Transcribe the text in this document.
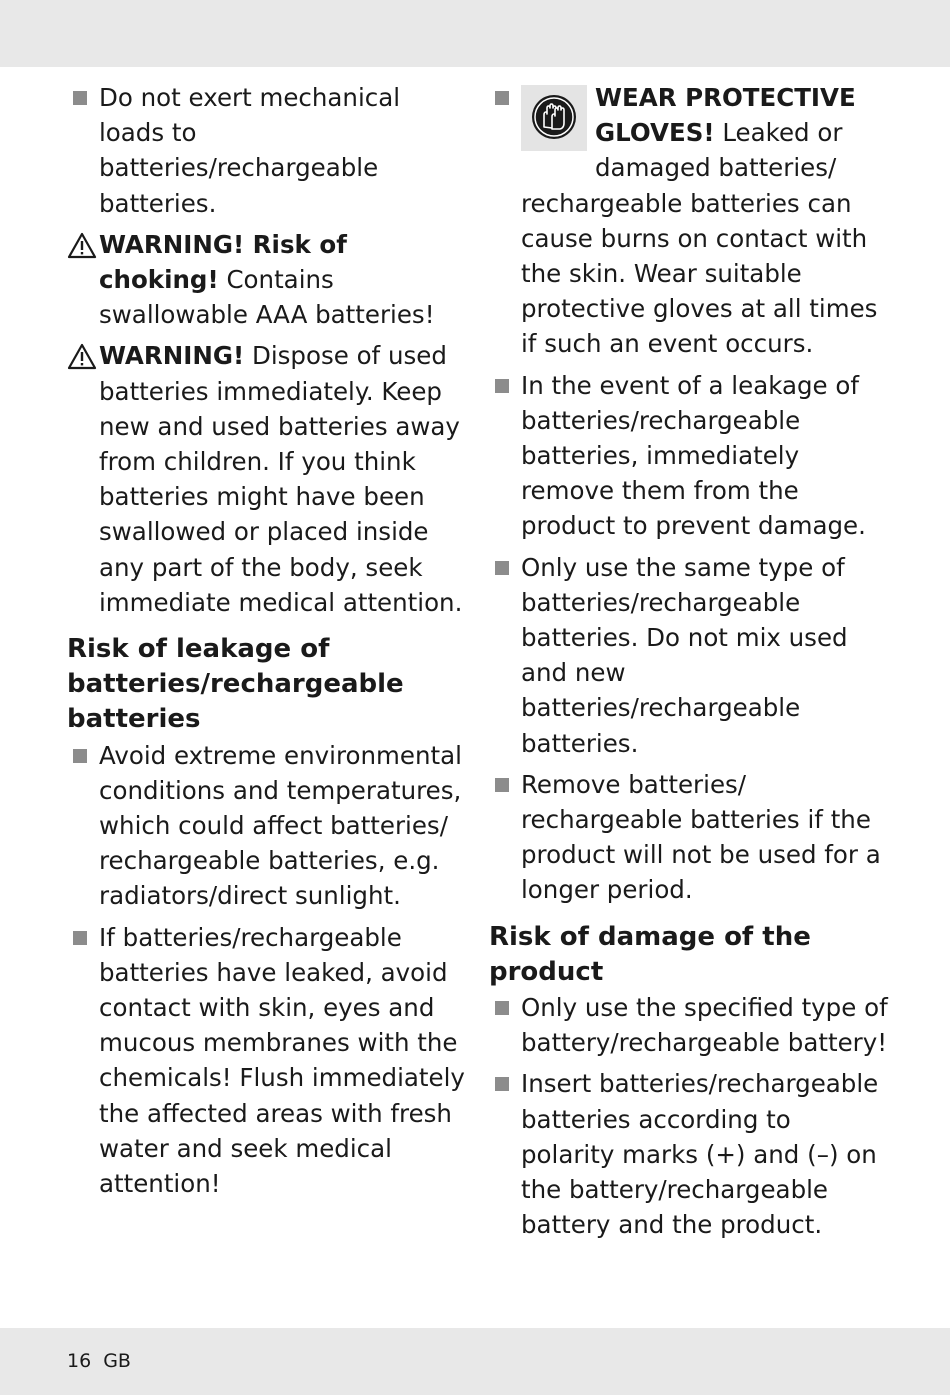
Do not exert mechanical loads to batteries/rechargeable batteries.
WARNING! Risk of choking! Contains swallowable AAA batteries!
WARNING! Dispose of used batteries immediately. Keep new and used batteries away from children. If you think batteries might have been swallowed or placed inside any part of the body, seek immediate medical attention.
Risk of leakage of batteries/rechargeable batteries
Avoid extreme environmental conditions and temperatures, which could affect batteries/ rechargeable batteries, e.g. radiators/direct sunlight.
If batteries/rechargeable batteries have leaked, avoid contact with skin, eyes and mucous membranes with the chemicals! Flush immediately the affected areas with fresh water and seek medical attention!
WEAR PROTECTIVE GLOVES! Leaked or damaged batteries/ rechargeable batteries can cause burns on contact with the skin. Wear suitable protective gloves at all times if such an event occurs.
In the event of a leakage of batteries/rechargeable batteries, immediately remove them from the product to prevent damage.
Only use the same type of batteries/rechargeable batteries. Do not mix used and new batteries/rechargeable batteries.
Remove batteries/ rechargeable batteries if the product will not be used for a longer period.
Risk of damage of the product
Only use the specified type of battery/rechargeable battery!
Insert batteries/rechargeable batteries according to polarity marks (+) and (–) on the battery/rechargeable battery and the product.
16 GB
